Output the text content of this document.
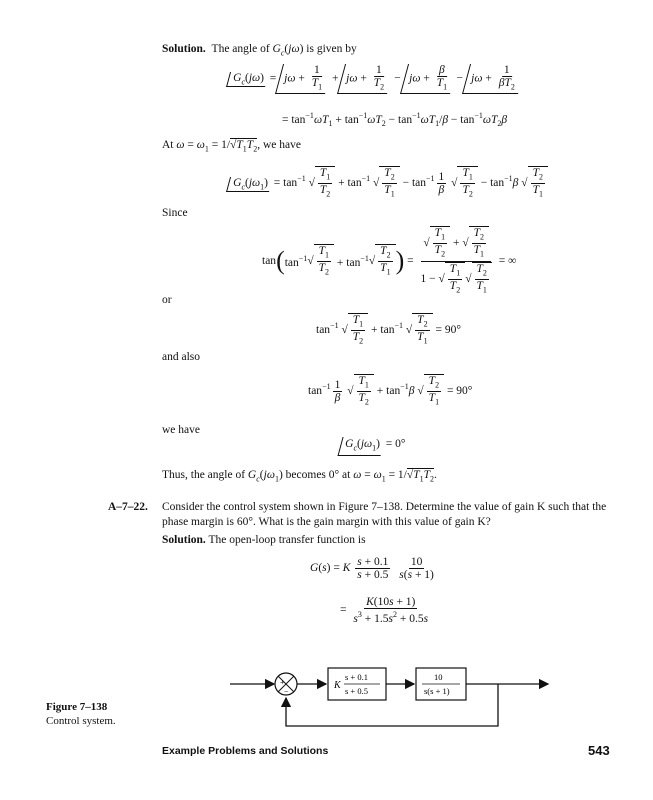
Solution.  The angle of $G_c(j\omega)$ is given by
$G_c(j\omega) = j\omega + \frac{1}{T_1} + j\omega + \frac{1}{T_2} - j\omega + \frac{\beta}{T_1} - j\omega + \frac{1}{\beta T_2}$
= $\tan^{-1}\omega T_1 + \tan^{-1}\omega T_2 - \tan^{-1}\omega T_1/\beta - \tan^{-1}\omega T_2\beta$
At $\omega = \omega_1 = 1/√T_1T_2$, we have
$G_c(j\omega_1) = \tan^{-1}$ √ $\frac{T_1}{T_2} + \tan^{-1}$ √ $\frac{T_2}{T_1} - \tan^{-1} \frac{1}{\beta}$ √ $\frac{T_1}{T_2} - \tan^{-1}\beta$ √ $\frac{T_2}{T_1}$
Since
tan ( $\tan^{-1}$ √ $\frac{T_1}{T_2} + \tan^{-1}$ √ $\frac{T_2}{T_1}$ ) = $\frac{√ \frac{T_1}{T_2} + √ \frac{T_2}{T_1}}{1 - √ \frac{T_1}{T_2} √ \frac{T_2}{T_1}}$ = ∞
or
$\tan^{-1}$ √ $\frac{T_1}{T_2} + \tan^{-1}$ √ $\frac{T_2}{T_1} = 90^\circ$
and also
$\tan^{-1} \frac{1}{\beta}$ √ $\frac{T_1}{T_2} + \tan^{-1}\beta$ √ $\frac{T_2}{T_1} = 90^\circ$
we have
$G_c(j\omega_1) = 0^\circ$
Thus, the angle of $G_c(j\omega_1)$ becomes 0° at $\omega = \omega_1 = 1/√T_1T_2$.
A–7–22. Consider the control system shown in Figure 7–138. Determine the value of gain K such that the
phase margin is 60°. What is the gain margin with this value of gain K?
Solution. The open-loop transfer function is
G(s) = K $\frac{s + 0.1}{s + 0.5}$
$\frac{10}{s(s + 1)}$
= $\frac{K(10s + 1)}{s^3 + 1.5s^2 + 0.5s}$
+
−
K
s + 0.1
s + 0.5
10
s(s + 1)
Figure 7–138
Control system.
Example Problems and Solutions	543
